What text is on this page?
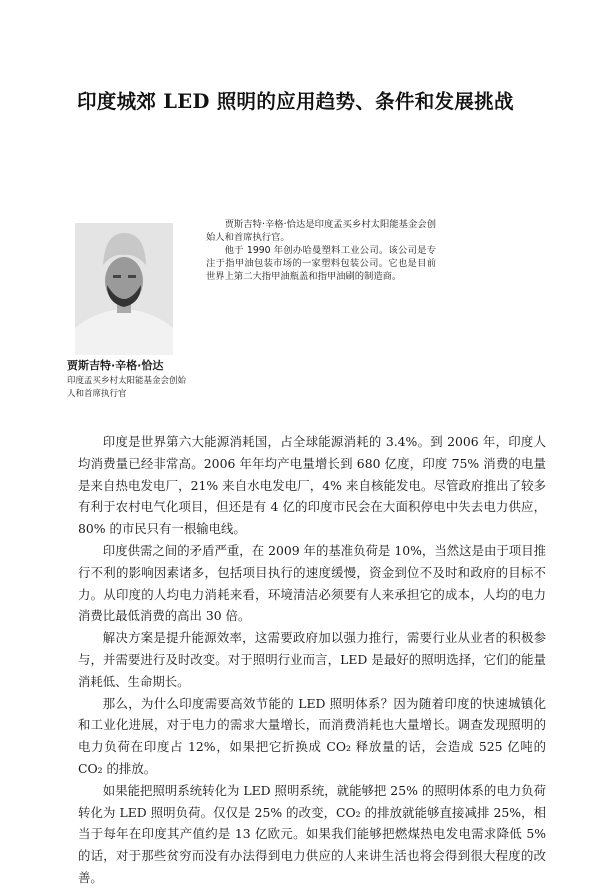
印度城郊 LED 照明的应用趋势、条件和发展挑战

贾斯吉特·辛格·恰达是印度孟买乡村太阳能基金会创始人和首席执行官。

他于 1990 年创办哈曼塑料工业公司。该公司是专注于指甲油包装市场的一家塑料包装公司。它也是目前世界上第二大指甲油瓶盖和指甲油刷的制造商。

贾斯吉特·辛格·恰达
印度孟买乡村太阳能基金会创始人和首席执行官

印度是世界第六大能源消耗国，占全球能源消耗的 3.4%。到 2006 年，印度人均消费量已经非常高。2006 年年均产电量增长到 680 亿度，印度 75% 消费的电量是来自热电发电厂，21% 来自水电发电厂，4% 来自核能发电。尽管政府推出了较多有利于农村电气化项目，但还是有 4 亿的印度市民会在大面积停电中失去电力供应，80% 的市民只有一根输电线。

印度供需之间的矛盾严重，在 2009 年的基准负荷是 10%，当然这是由于项目推行不利的影响因素诸多，包括项目执行的速度缓慢，资金到位不及时和政府的目标不力。从印度的人均电力消耗来看，环境清洁必须要有人来承担它的成本，人均的电力消费比最低消费的高出 30 倍。

解决方案是提升能源效率，这需要政府加以强力推行，需要行业从业者的积极参与，并需要进行及时改变。对于照明行业而言，LED 是最好的照明选择，它们的能量消耗低、生命期长。

那么，为什么印度需要高效节能的 LED 照明体系？因为随着印度的快速城镇化和工业化进展，对于电力的需求大量增长，而消费消耗也大量增长。调查发现照明的电力负荷在印度占 12%，如果把它折换成 CO₂ 释放量的话，会造成 525 亿吨的 CO₂ 的排放。

如果能把照明系统转化为 LED 照明系统，就能够把 25% 的照明体系的电力负荷转化为 LED 照明负荷。仅仅是 25% 的改变，CO₂ 的排放就能够直接减排 25%，相当于每年在印度其产值约是 13 亿欧元。如果我们能够把燃煤热电发电需求降低 5% 的话，对于那些贫穷而没有办法得到电力供应的人来讲生活也将会得到很大程度的改善。
